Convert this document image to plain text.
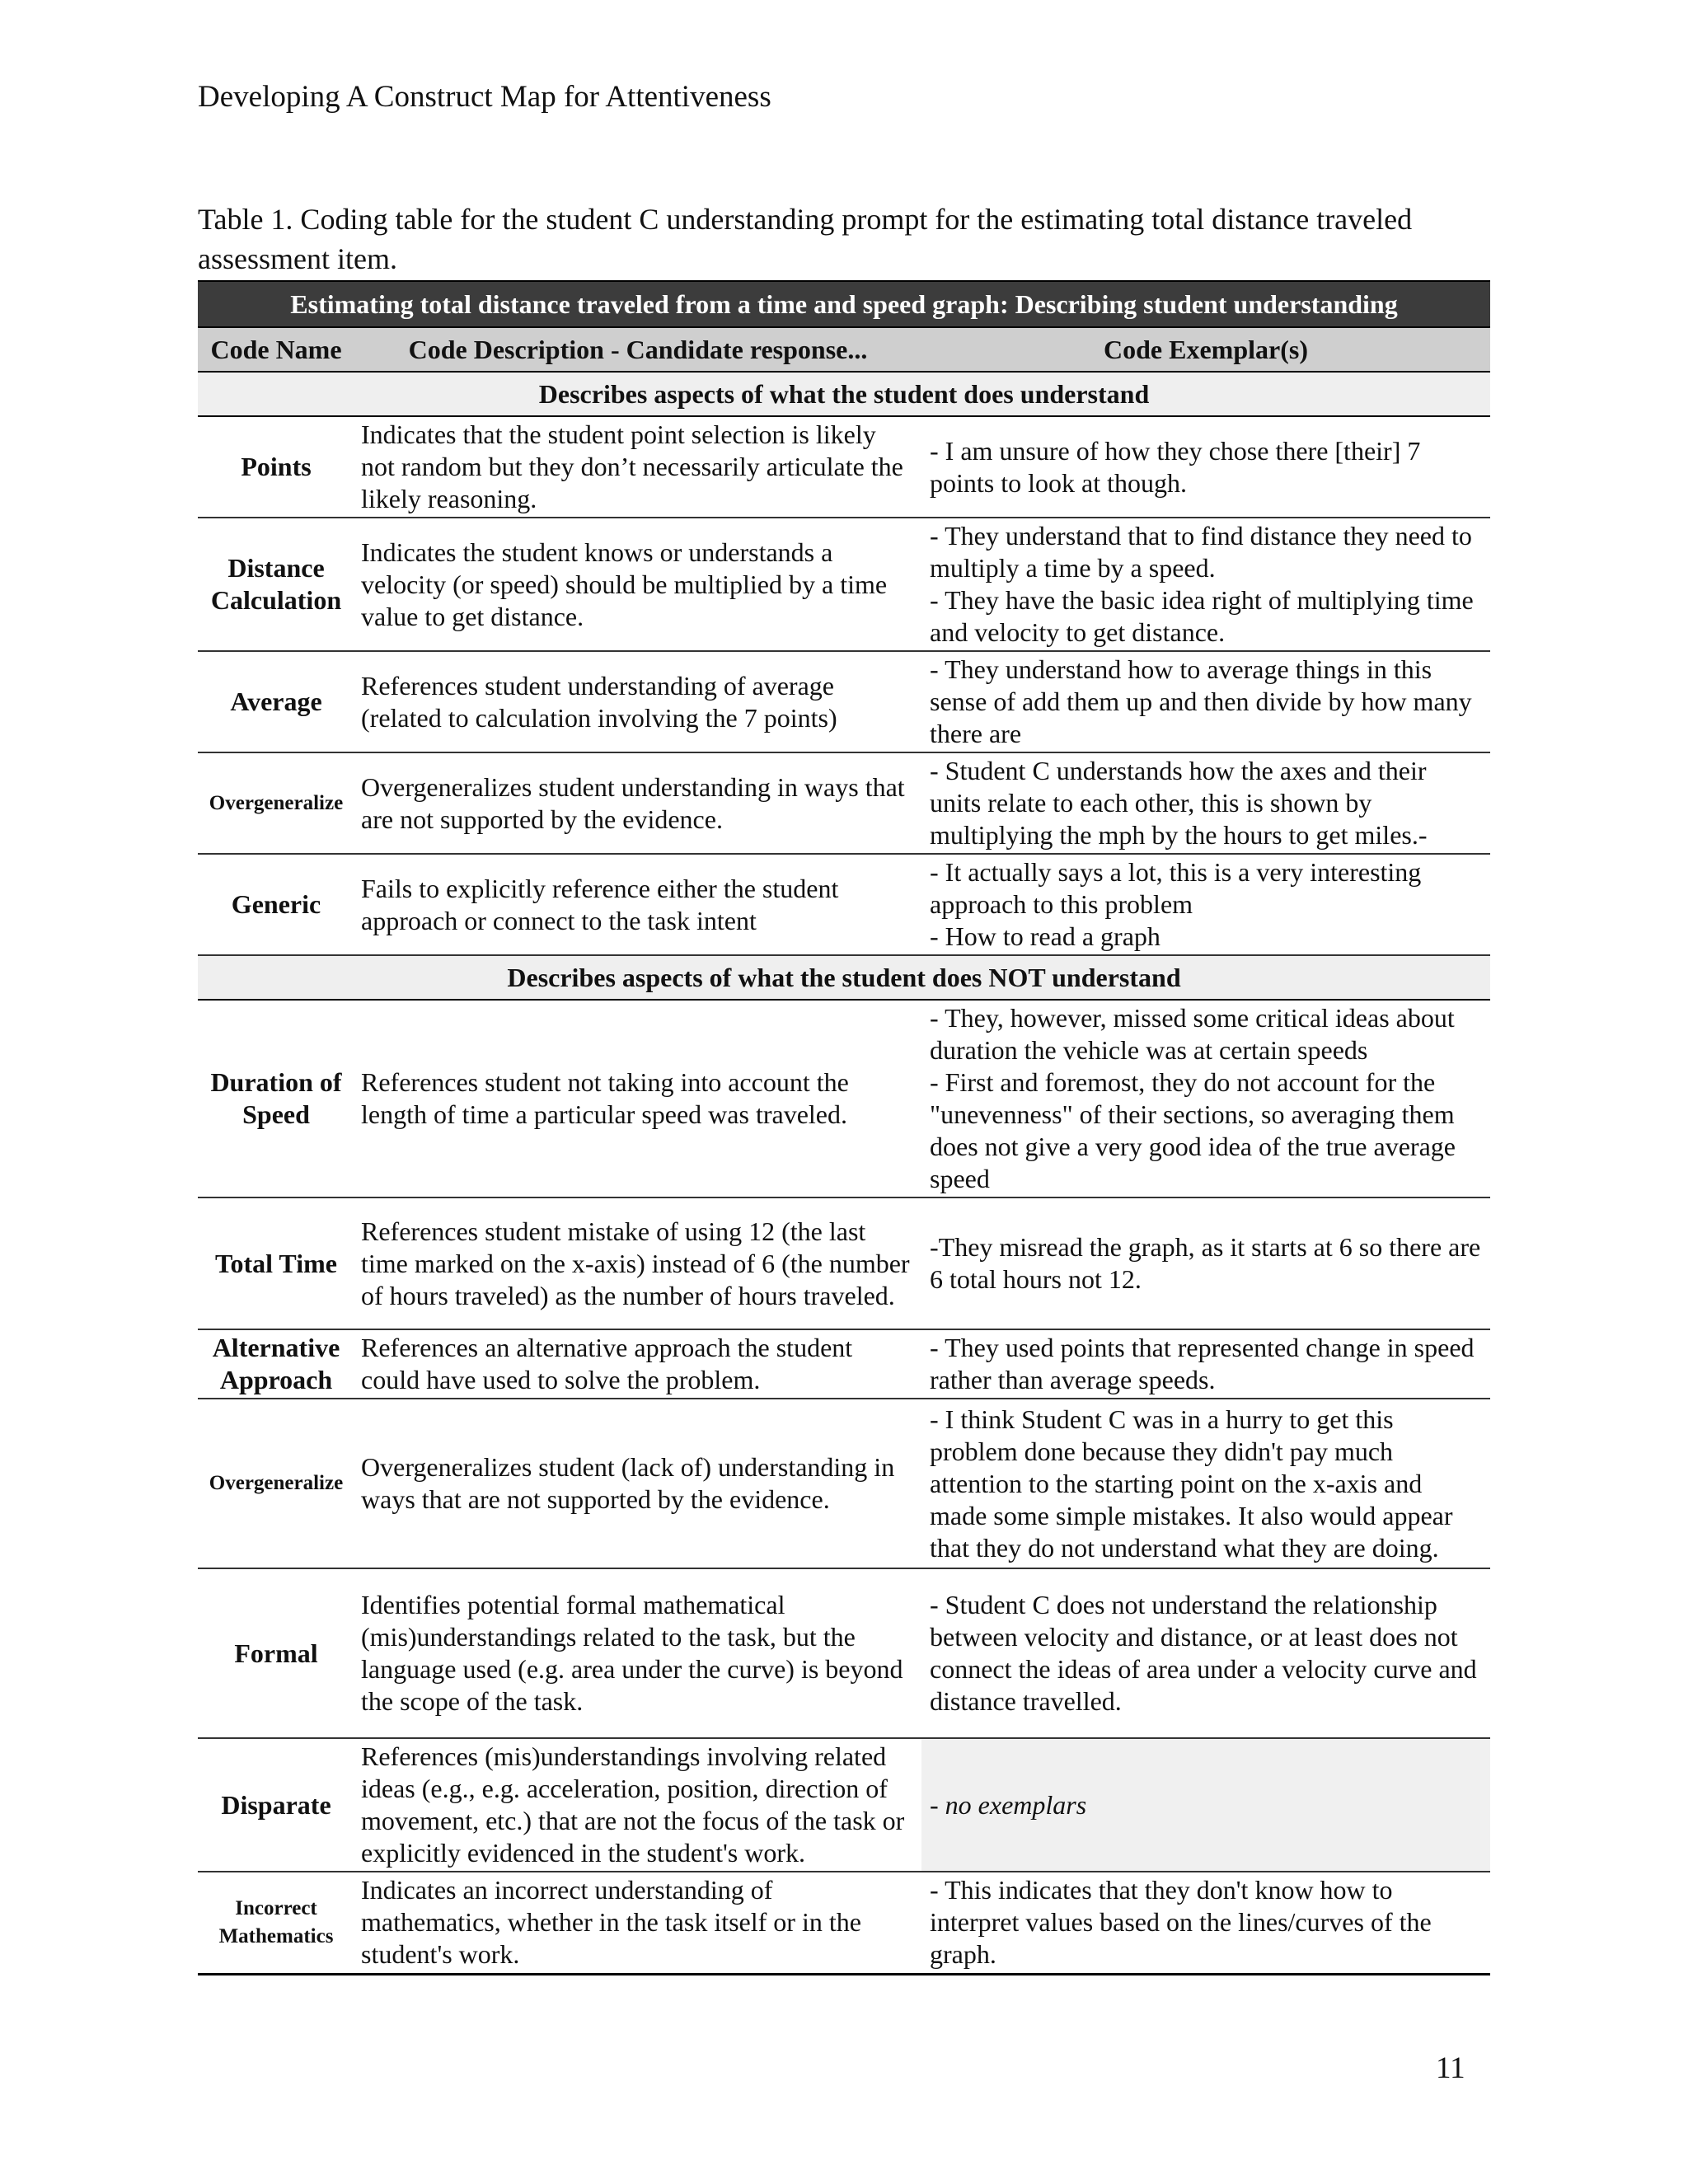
Developing A Construct Map for Attentiveness
Table 1. Coding table for the student C understanding prompt for the estimating total distance traveled assessment item.
Estimating total distance traveled from a time and speed graph: Describing student understanding		
Code Name	Code Description - Candidate response...	Code Exemplar(s)
Describes aspects of what the student does understand		
Points	Indicates that the student point selection is likely not random but they don’t necessarily articulate the likely reasoning.	- I am unsure of how they chose there [their] 7 points to look at though.

Distance Calculation	Indicates the student knows or understands a velocity (or speed) should be multiplied by a time value to get distance.	- They understand that to find distance they need to multiply a time by a speed.
- They have the basic idea right of multiplying time and velocity to get distance.

Average	References student understanding of average (related to calculation involving the 7 points)	- They understand how to average things in this sense of add them up and then divide by how many there are

Overgeneralize	Overgeneralizes student understanding in ways that are not supported by the evidence.	- Student C understands how the axes and their units relate to each other, this is shown by multiplying the mph by the hours to get miles.-

Generic	Fails to explicitly reference either the student approach or connect to the task intent	- It actually says a lot, this is a very interesting approach to this problem
- How to read a graph

Describes aspects of what the student does NOT understand		
Duration of Speed	References student not taking into account the length of time a particular speed was traveled.	- They, however, missed some critical ideas about duration the vehicle was at certain speeds
- First and foremost, they do not account for the "unevenness" of their sections, so averaging them does not give a very good idea of the true average speed

Total Time	References student mistake of using 12 (the last time marked on the x-axis) instead of 6 (the number of hours traveled) as the number of hours traveled.	-They misread the graph, as it starts at 6 so there are 6 total hours not 12.

Alternative Approach	References an alternative approach the student could have used to solve the problem.	- They used points that represented change in speed rather than average speeds.

Overgeneralize	Overgeneralizes student (lack of) understanding in ways that are not supported by the evidence.	- I think Student C was in a hurry to get this problem done because they didn't pay much attention to the starting point on the x-axis and made some simple mistakes. It also would appear that they do not understand what they are doing.

Formal	Identifies potential formal mathematical (mis)understandings related to the task, but the language used (e.g. area under the curve) is beyond the scope of the task.	- Student C does not understand the relationship between velocity and distance, or at least does not connect the ideas of area under a velocity curve and distance travelled.

Disparate	References (mis)understandings involving related ideas (e.g., e.g. acceleration, position, direction of movement, etc.) that are not the focus of the task or explicitly evidenced in the student's work.	- no exemplars

Incorrect Mathematics	Indicates an incorrect understanding of mathematics, whether in the task itself or in the student's work.	- This indicates that they don't know how to interpret values based on the lines/curves of the graph.
11
